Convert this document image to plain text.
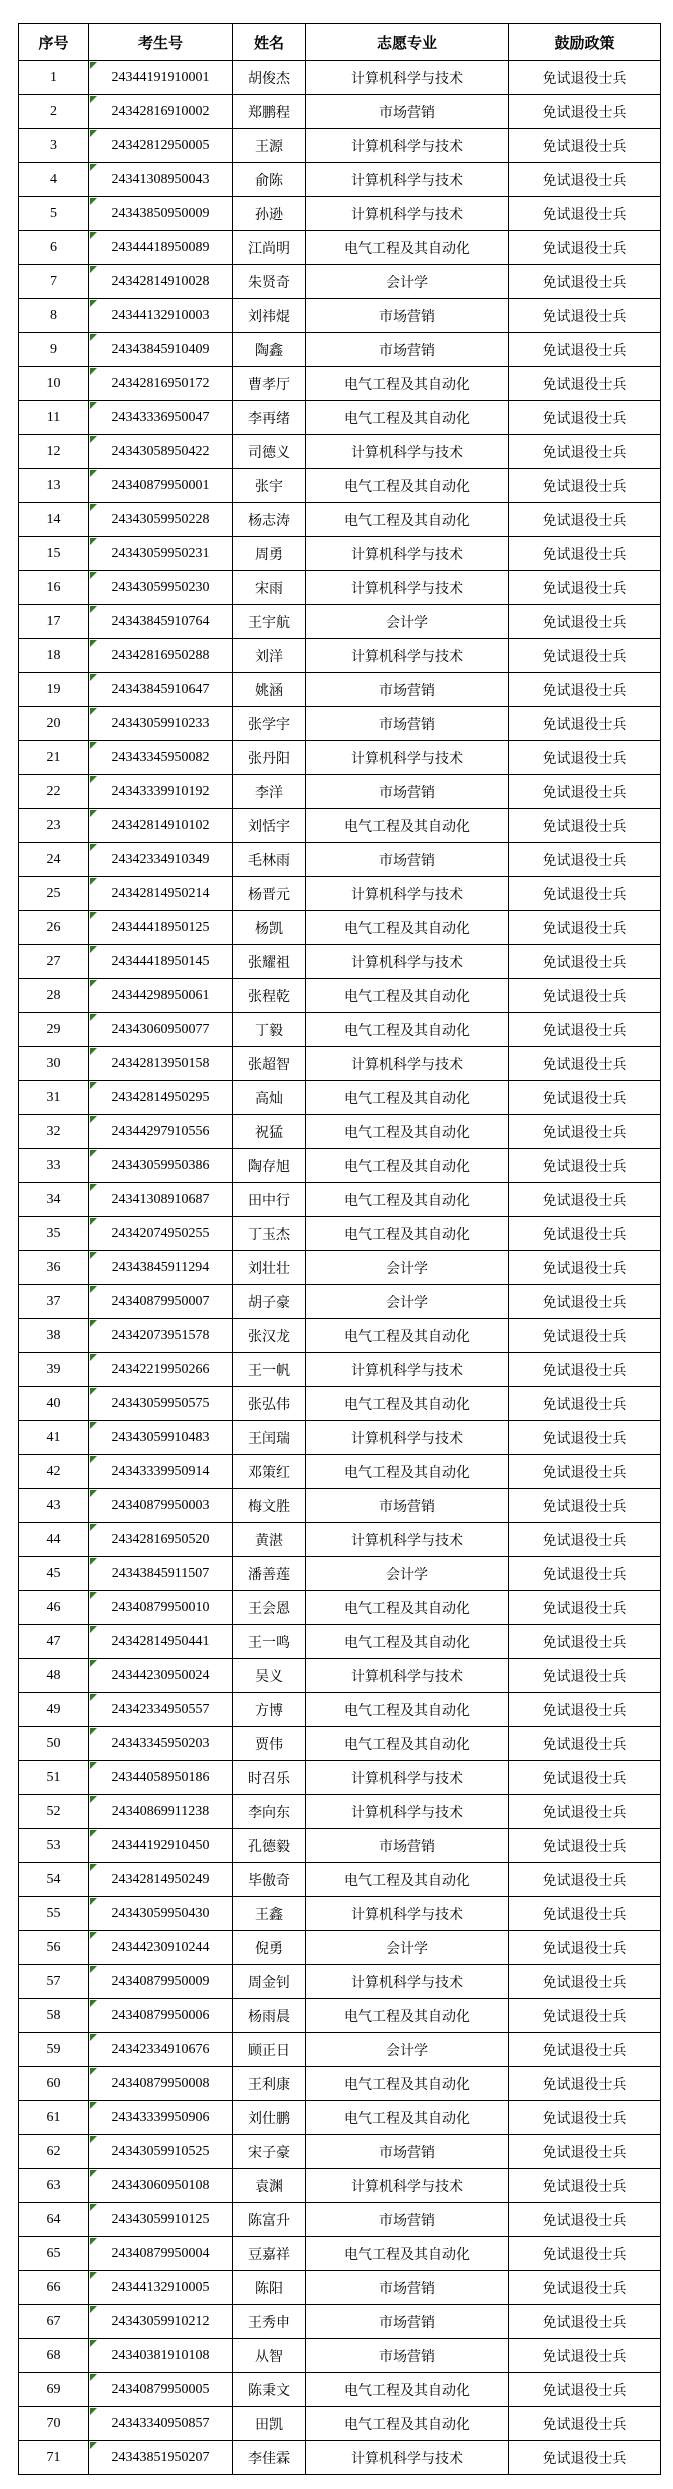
序号	考生号	姓名	志愿专业	鼓励政策
1	24344191910001	胡俊杰	计算机科学与技术	免试退役士兵
2	24342816910002	郑鹏程	市场营销	免试退役士兵
3	24342812950005	王源	计算机科学与技术	免试退役士兵
4	24341308950043	俞陈	计算机科学与技术	免试退役士兵
5	24343850950009	孙逊	计算机科学与技术	免试退役士兵
6	24344418950089	江尚明	电气工程及其自动化	免试退役士兵
7	24342814910028	朱贤奇	会计学	免试退役士兵
8	24344132910003	刘祎焜	市场营销	免试退役士兵
9	24343845910409	陶鑫	市场营销	免试退役士兵
10	24342816950172	曹孝厅	电气工程及其自动化	免试退役士兵
11	24343336950047	李再绪	电气工程及其自动化	免试退役士兵
12	24343058950422	司德义	计算机科学与技术	免试退役士兵
13	24340879950001	张宇	电气工程及其自动化	免试退役士兵
14	24343059950228	杨志涛	电气工程及其自动化	免试退役士兵
15	24343059950231	周勇	计算机科学与技术	免试退役士兵
16	24343059950230	宋雨	计算机科学与技术	免试退役士兵
17	24343845910764	王宇航	会计学	免试退役士兵
18	24342816950288	刘洋	计算机科学与技术	免试退役士兵
19	24343845910647	姚涵	市场营销	免试退役士兵
20	24343059910233	张学宇	市场营销	免试退役士兵
21	24343345950082	张丹阳	计算机科学与技术	免试退役士兵
22	24343339910192	李洋	市场营销	免试退役士兵
23	24342814910102	刘恬宇	电气工程及其自动化	免试退役士兵
24	24342334910349	毛林雨	市场营销	免试退役士兵
25	24342814950214	杨晋元	计算机科学与技术	免试退役士兵
26	24344418950125	杨凯	电气工程及其自动化	免试退役士兵
27	24344418950145	张耀祖	计算机科学与技术	免试退役士兵
28	24344298950061	张程乾	电气工程及其自动化	免试退役士兵
29	24343060950077	丁毅	电气工程及其自动化	免试退役士兵
30	24342813950158	张超智	计算机科学与技术	免试退役士兵
31	24342814950295	高灿	电气工程及其自动化	免试退役士兵
32	24344297910556	祝猛	电气工程及其自动化	免试退役士兵
33	24343059950386	陶存旭	电气工程及其自动化	免试退役士兵
34	24341308910687	田中行	电气工程及其自动化	免试退役士兵
35	24342074950255	丁玉杰	电气工程及其自动化	免试退役士兵
36	24343845911294	刘壮壮	会计学	免试退役士兵
37	24340879950007	胡子豪	会计学	免试退役士兵
38	24342073951578	张汉龙	电气工程及其自动化	免试退役士兵
39	24342219950266	王一帆	计算机科学与技术	免试退役士兵
40	24343059950575	张弘伟	电气工程及其自动化	免试退役士兵
41	24343059910483	王闰瑞	计算机科学与技术	免试退役士兵
42	24343339950914	邓策红	电气工程及其自动化	免试退役士兵
43	24340879950003	梅文胜	市场营销	免试退役士兵
44	24342816950520	黄湛	计算机科学与技术	免试退役士兵
45	24343845911507	潘善莲	会计学	免试退役士兵
46	24340879950010	王会恩	电气工程及其自动化	免试退役士兵
47	24342814950441	王一鸣	电气工程及其自动化	免试退役士兵
48	24344230950024	吴义	计算机科学与技术	免试退役士兵
49	24342334950557	方博	电气工程及其自动化	免试退役士兵
50	24343345950203	贾伟	电气工程及其自动化	免试退役士兵
51	24344058950186	时召乐	计算机科学与技术	免试退役士兵
52	24340869911238	李向东	计算机科学与技术	免试退役士兵
53	24344192910450	孔德毅	市场营销	免试退役士兵
54	24342814950249	毕傲奇	电气工程及其自动化	免试退役士兵
55	24343059950430	王鑫	计算机科学与技术	免试退役士兵
56	24344230910244	倪勇	会计学	免试退役士兵
57	24340879950009	周金钊	计算机科学与技术	免试退役士兵
58	24340879950006	杨雨晨	电气工程及其自动化	免试退役士兵
59	24342334910676	顾正日	会计学	免试退役士兵
60	24340879950008	王利康	电气工程及其自动化	免试退役士兵
61	24343339950906	刘仕鹏	电气工程及其自动化	免试退役士兵
62	24343059910525	宋子豪	市场营销	免试退役士兵
63	24343060950108	袁渊	计算机科学与技术	免试退役士兵
64	24343059910125	陈富升	市场营销	免试退役士兵
65	24340879950004	豆嘉祥	电气工程及其自动化	免试退役士兵
66	24344132910005	陈阳	市场营销	免试退役士兵
67	24343059910212	王秀申	市场营销	免试退役士兵
68	24340381910108	从智	市场营销	免试退役士兵
69	24340879950005	陈秉文	电气工程及其自动化	免试退役士兵
70	24343340950857	田凯	电气工程及其自动化	免试退役士兵
71	24343851950207	李佳霖	计算机科学与技术	免试退役士兵
